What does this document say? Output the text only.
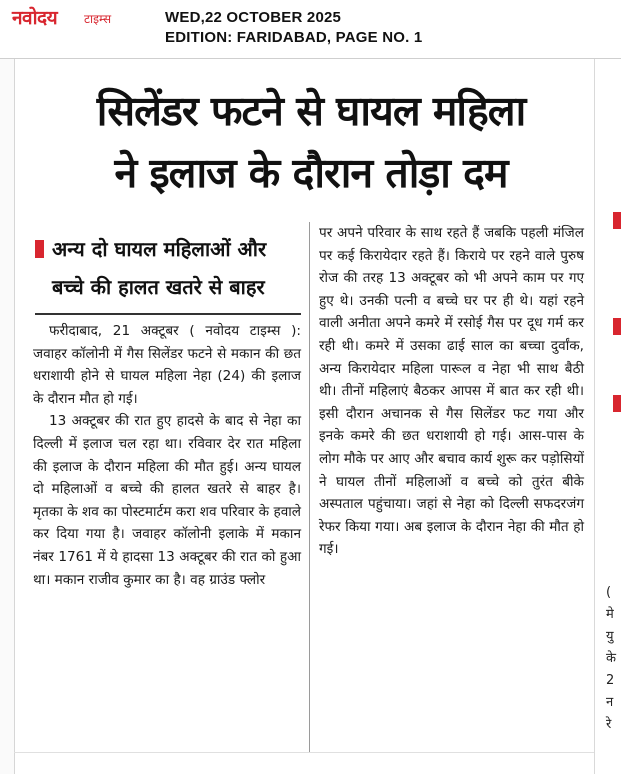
नवोदय टाइम्स	WED,22 OCTOBER 2025
EDITION: FARIDABAD, PAGE NO. 1
सिलेंडर फटने से घायल महिला
ने इलाज के दौरान तोड़ा दम
अन्य दो घायल महिलाओं और
बच्चे की हालत खतरे से बाहर

फरीदाबाद, 21 अक्टूबर ( नवोदय टाइम्स ): जवाहर कॉलोनी में गैस सिलेंडर फटने से मकान की छत धराशायी होने से घायल महिला नेहा (24) की इलाज के दौरान मौत हो गई।

13 अक्टूबर की रात हुए हादसे के बाद से नेहा का दिल्ली में इलाज चल रहा था। रविवार देर रात महिला की इलाज के दौरान महिला की मौत हुई। अन्य घायल दो महिलाओं व बच्चे की हालत खतरे से बाहर है। मृतका के शव का पोस्टमार्टम करा शव परिवार के हवाले कर दिया गया है। जवाहर कॉलोनी इलाके में मकान नंबर 1761 में ये हादसा 13 अक्टूबर की रात को हुआ था। मकान राजीव कुमार का है। वह ग्राउंड फ्लोर

पर अपने परिवार के साथ रहते हैं जबकि पहली मंजिल पर कई किरायेदार रहते हैं। किराये पर रहने वाले पुरुष रोज की तरह 13 अक्टूबर को भी अपने काम पर गए हुए थे। उनकी पत्नी व बच्चे घर पर ही थे। यहां रहने वाली अनीता अपने कमरे में रसोई गैस पर दूध गर्म कर रही थी। कमरे में उसका ढाई साल का बच्चा दुर्वांक, अन्य किरायेदार महिला पारूल व नेहा भी साथ बैठी थी। तीनों महिलाएं बैठकर आपस में बात कर रही थी। इसी दौरान अचानक से गैस सिलेंडर फट गया और इनके कमरे की छत धराशायी हो गई। आस-पास के लोग मौके पर आए और बचाव कार्य शुरू कर पड़ोसियों ने घायल तीनों महिलाओं व बच्चे को तुरंत बीके अस्पताल पहुंचाया। जहां से नेहा को दिल्ली सफदरजंग रेफर किया गया। अब इलाज के दौरान नेहा की मौत हो गई।

(
मे
यु
के
2
न
रे
